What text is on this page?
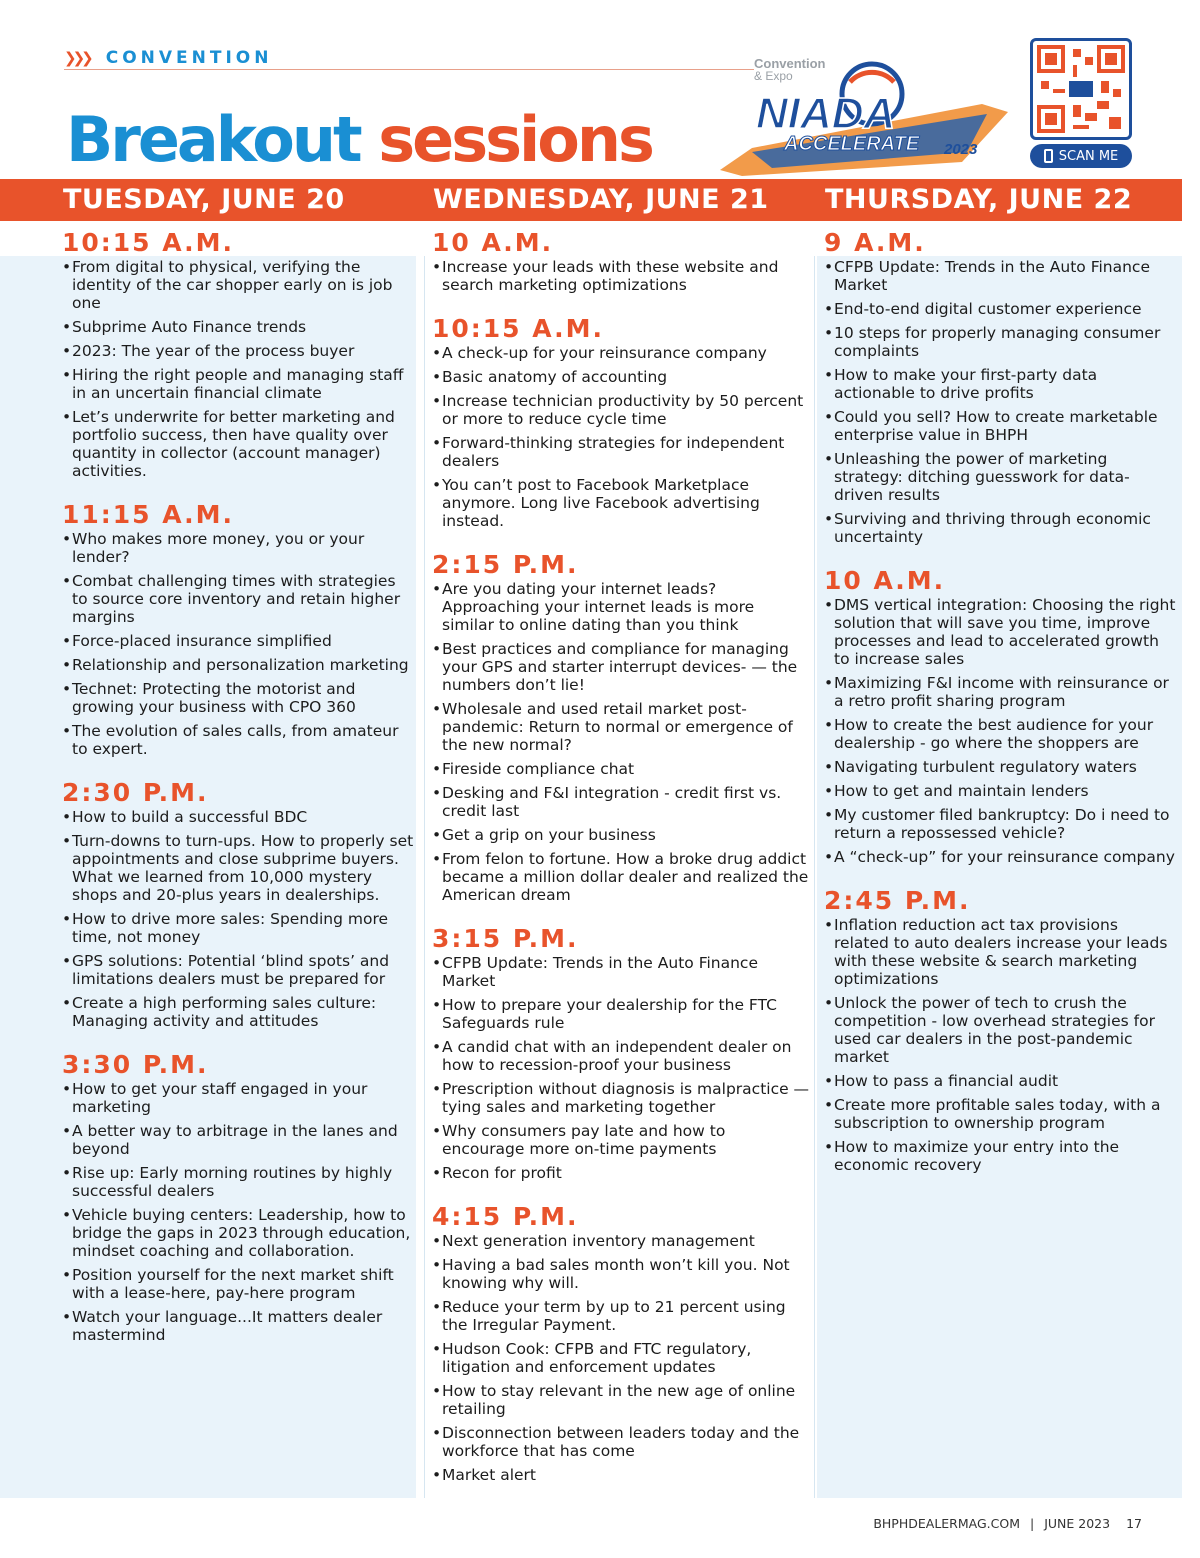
❯❯❯ CONVENTION
Breakout sessions
Convention
& Expo
NIADA
ACCELERATE 2023	SCAN ME
TUESDAY, JUNE 20	WEDNESDAY, JUNE 21 THURSDAY, JUNE 22
10:15 A.M.
• From digital to physical, verifying the identity of the car shopper early on is job one
• Subprime Auto Finance trends
• 2023: The year of the process buyer
• Hiring the right people and managing staff in an uncertain financial climate
• Let’s underwrite for better marketing and portfolio success, then have quality over quantity in collector (account manager) activities.
11:15 A.M.
• Who makes more money, you or your lender?
• Combat challenging times with strategies to source core inventory and retain higher margins
• Force-placed insurance simplified
• Relationship and personalization marketing
• Technet: Protecting the motorist and growing your business with CPO 360
• The evolution of sales calls, from amateur to expert.
2:30 P.M.
• How to build a successful BDC
• Turn-downs to turn-ups. How to properly set appointments and close subprime buyers. What we learned from 10,000 mystery shops and 20-plus years in dealerships.
• How to drive more sales: Spending more time, not money
• GPS solutions: Potential ‘blind spots’ and limitations dealers must be prepared for
• Create a high performing sales culture: Managing activity and attitudes
3:30 P.M.
• How to get your staff engaged in your marketing
• A better way to arbitrage in the lanes and beyond
• Rise up: Early morning routines by highly successful dealers
• Vehicle buying centers: Leadership, how to bridge the gaps in 2023 through education, mindset coaching and collaboration.
• Position yourself for the next market shift with a lease-here, pay-here program
• Watch your language...It matters dealer mastermind
10 A.M.
• Increase your leads with these website and search marketing optimizations
10:15 A.M.
• A check-up for your reinsurance company
• Basic anatomy of accounting
• Increase technician productivity by 50 percent or more to reduce cycle time
• Forward-thinking strategies for independent dealers
• You can’t post to Facebook Marketplace anymore. Long live Facebook advertising instead.
2:15 P.M.
• Are you dating your internet leads? Approaching your internet leads is more similar to online dating than you think
• Best practices and compliance for managing your GPS and starter interrupt devices- — the numbers don’t lie!
• Wholesale and used retail market post-pandemic: Return to normal or emergence of the new normal?
• Fireside compliance chat
• Desking and F&I integration - credit first vs. credit last
• Get a grip on your business
• From felon to fortune. How a broke drug addict became a million dollar dealer and realized the American dream
3:15 P.M.
• CFPB Update: Trends in the Auto Finance Market
• How to prepare your dealership for the FTC Safeguards rule
• A candid chat with an independent dealer on how to recession-proof your business
• Prescription without diagnosis is malpractice — tying sales and marketing together
• Why consumers pay late and how to encourage more on-time payments
• Recon for profit
4:15 P.M.
• Next generation inventory management
• Having a bad sales month won’t kill you. Not knowing why will.
• Reduce your term by up to 21 percent using the Irregular Payment.
• Hudson Cook: CFPB and FTC regulatory, litigation and enforcement updates
• How to stay relevant in the new age of online retailing
• Disconnection between leaders today and the workforce that has come
• Market alert
9 A.M.
• CFPB Update: Trends in the Auto Finance Market
• End-to-end digital customer experience
• 10 steps for properly managing consumer complaints
• How to make your first-party data actionable to drive profits
• Could you sell? How to create marketable enterprise value in BHPH
• Unleashing the power of marketing strategy: ditching guesswork for data-driven results
• Surviving and thriving through economic uncertainty
10 A.M.
• DMS vertical integration: Choosing the right solution that will save you time, improve processes and lead to accelerated growth to increase sales
• Maximizing F&I income with reinsurance or a retro profit sharing program
• How to create the best audience for your dealership - go where the shoppers are
• Navigating turbulent regulatory waters
• How to get and maintain lenders
• My customer filed bankruptcy: Do i need to return a repossessed vehicle?
• A “check-up” for your reinsurance company
2:45 P.M.
• Inflation reduction act tax provisions related to auto dealers increase your leads with these website & search marketing optimizations
• Unlock the power of tech to crush the competition - low overhead strategies for used car dealers in the post-pandemic market
• How to pass a financial audit
• Create more profitable sales today, with a subscription to ownership program
• How to maximize your entry into the economic recovery
BHPHDEALERMAG.COM | JUNE 2023 17
